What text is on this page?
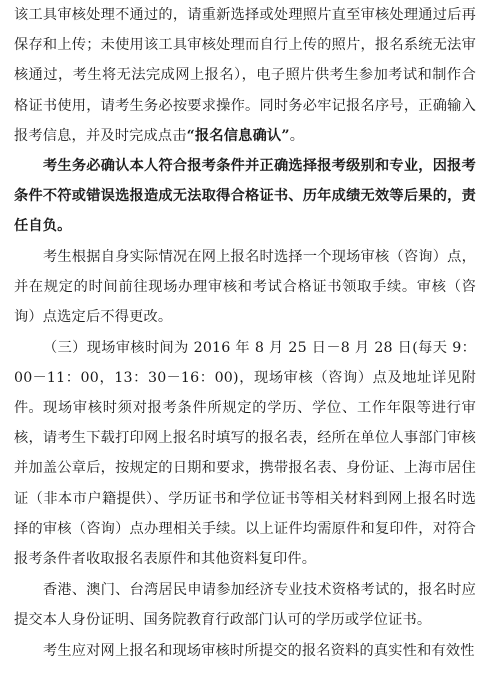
该工具审核处理不通过的，请重新选择或处理照片直至审核处理通过后再保存和上传；未使用该工具审核处理而自行上传的照片，报名系统无法审核通过，考生将无法完成网上报名），电子照片供考生参加考试和制作合格证书使用，请考生务必按要求操作。同时务必牢记报名序号，正确输入报考信息，并及时完成点击“报名信息确认”。

考生务必确认本人符合报考条件并正确选择报考级别和专业，因报考条件不符或错误选报造成无法取得合格证书、历年成绩无效等后果的，责任自负。

考生根据自身实际情况在网上报名时选择一个现场审核（咨询）点，并在规定的时间前往现场办理审核和考试合格证书领取手续。审核（咨询）点选定后不得更改。

（三）现场审核时间为 2016 年 8 月 25 日－8 月 28 日(每天 9：00－11：00，13：30－16：00)，现场审核（咨询）点及地址详见附件。 现场审核时须对报考条件所规定的学历、学位、工作年限等进行审核，请考生下载打印网上报名时填写的报名表，经所在单位人事部门审核并加盖公章后，按规定的日期和要求，携带报名表、身份证、上海市居住证（非本市户籍提供）、学历证书和学位证书等相关材料到网上报名时选择的审核（咨询）点办理相关手续。以上证件均需原件和复印件，对符合报考条件者收取报名表原件和其他资料复印件。

香港、澳门、台湾居民申请参加经济专业技术资格考试的，报名时应提交本人身份证明、国务院教育行政部门认可的学历或学位证书。

考生应对网上报名和现场审核时所提交的报名资料的真实性和有效性
